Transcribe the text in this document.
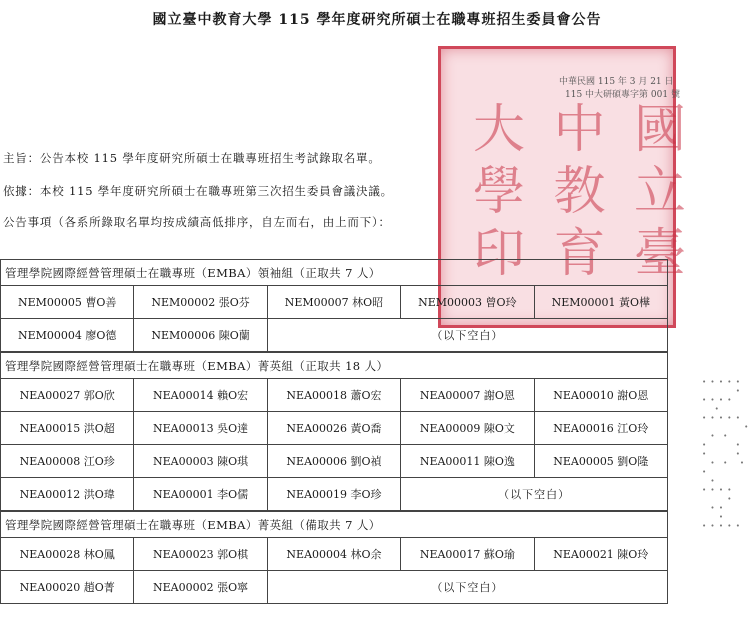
國立臺中教育大學 115 學年度研究所碩士在職專班招生委員會公告
大 中 國
學 教 立
印 育 臺
中華民國 115 年 3 月 21 日
115 中大研碩專字第 001 號
主旨：公告本校 115 學年度研究所碩士在職專班招生考試錄取名單。
依據：本校 115 學年度研究所碩士在職專班第三次招生委員會議決議。
公告事項（各系所錄取名單均按成績高低排序，自左而右，由上而下）：
管理學院國際經營管理碩士在職專班（EMBA）領袖組（正取共 7 人）
NEM00005 曹O善	NEM00002 張O芬	NEM00007 林O昭	NEM00003 曾O玲	NEM00001 黃O樺
NEM00004 廖O德	NEM00006 陳O蘭	（以下空白）		
管理學院國際經營管理碩士在職專班（EMBA）菁英組（正取共 18 人）
NEA00027 郭O欣	NEA00014 賴O宏	NEA00018 蕭O宏	NEA00007 謝O恩	NEA00010 謝O恩
NEA00015 洪O超	NEA00013 吳O達	NEA00026 黃O喬	NEA00009 陳O文	NEA00016 江O玲
NEA00008 江O珍	NEA00003 陳O琪	NEA00006 劉O禎	NEA00011 陳O逸	NEA00005 劉O隆
NEA00012 洪O瑋	NEA00001 李O儒	NEA00019 李O珍	（以下空白）	
管理學院國際經營管理碩士在職專班（EMBA）菁英組（備取共 7 人）
NEA00028 林O鳳	NEA00023 郭O棋	NEA00004 林O余	NEA00017 蘇O瑜	NEA00021 陳O玲
NEA00020 趙O菁	NEA00002 張O寧	（以下空白）		
• • • • •
•
• • • •
•
• • • • •
•
•  •
•       •
•       •
•  •   •
•
•
• • • •
•
• •
•
• • • • •
